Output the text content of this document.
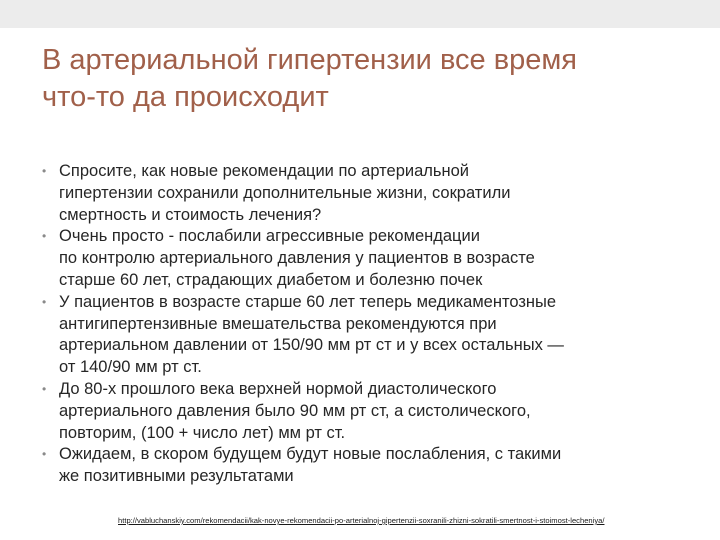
В артериальной гипертензии все время
что-то да происходит
• Спросите, как новые рекомендации по артериальной
гипертензии сохранили дополнительные жизни, сократили
смертность и стоимость лечения?
• Очень просто - послабили агрессивные рекомендации
по контролю артериального давления у пациентов в возрасте
старше 60 лет, страдающих диабетом и болезню почек
• У пациентов в возрасте старше 60 лет теперь медикаментозные
антигипертензивные вмешательства рекомендуются при
артериальном давлении от 150/90 мм рт ст и у всех остальных —
от 140/90 мм рт ст.
• До 80-х прошлого века верхней нормой диастолического
артериального давления было 90 мм рт ст, а систолического,
повторим, (100 + число лет) мм рт ст.
• Ожидаем, в скором будущем будут новые послабления, с такими
же позитивными результатами
http://vabluchanskiy.com/rekomendacii/kak-novye-rekomendacii-po-arterialnoj-gipertenzii-soxranili-zhizni-sokratili-smertnost-i-stoimost-lecheniya/
